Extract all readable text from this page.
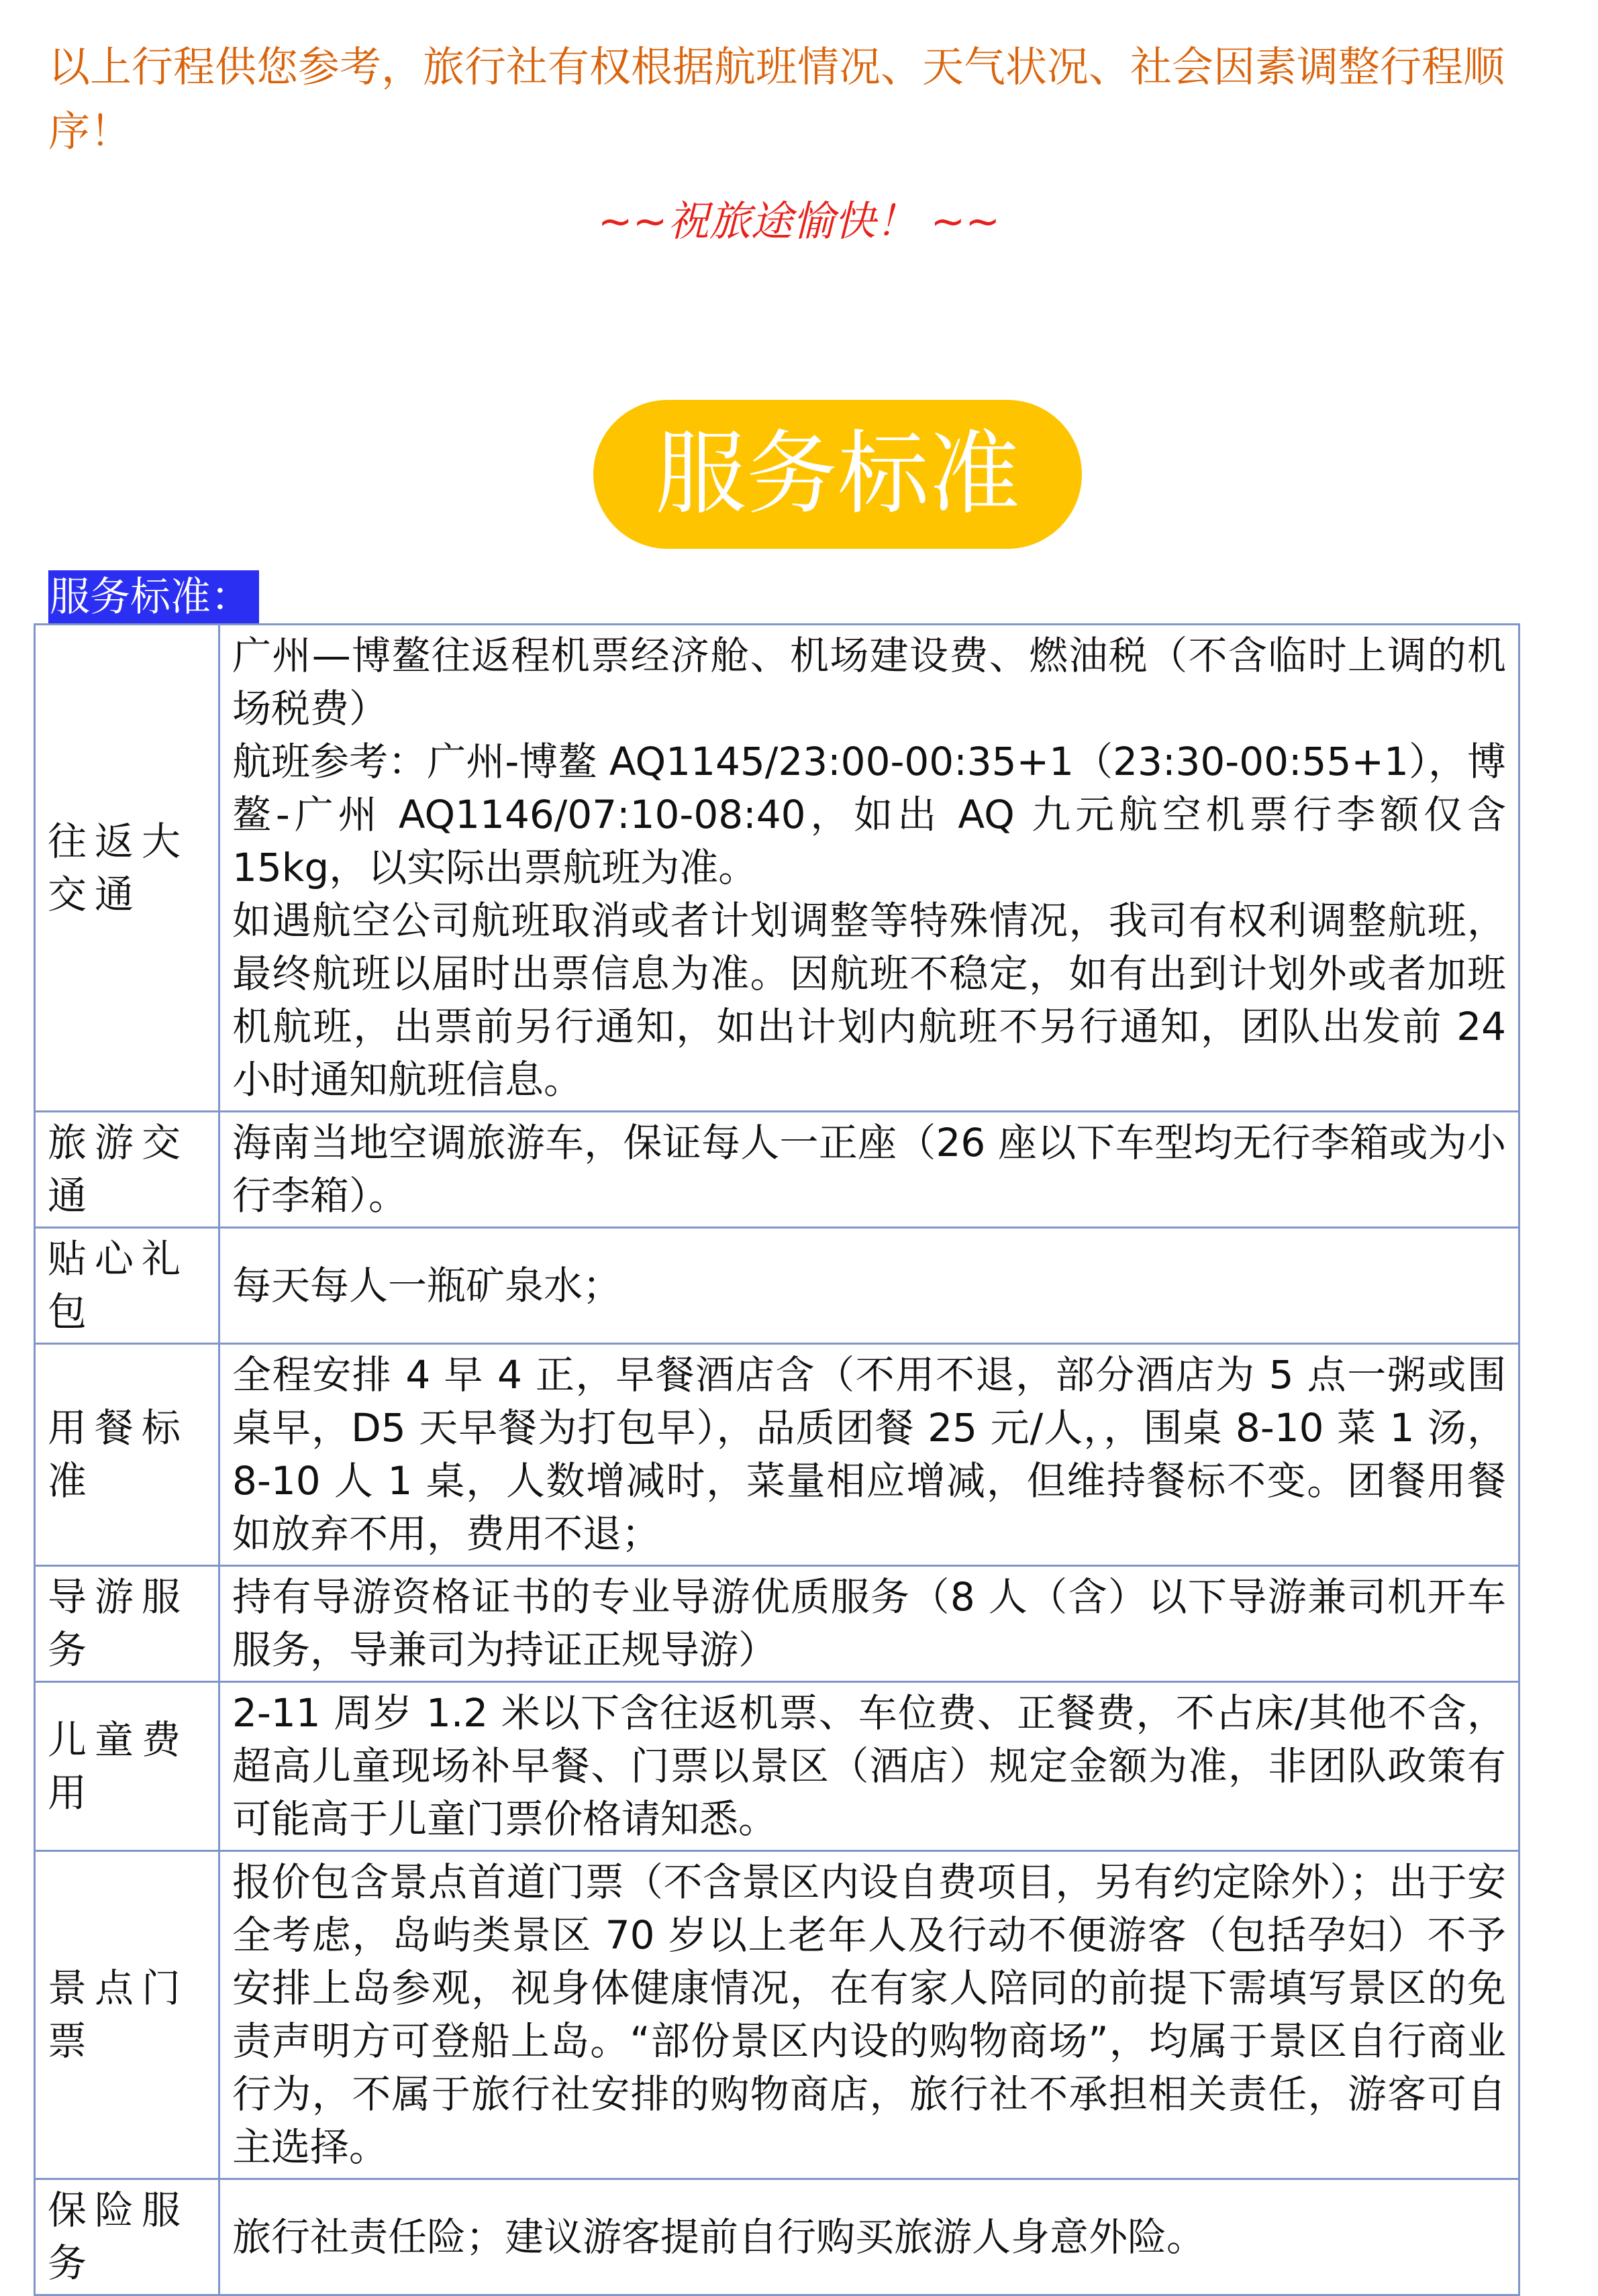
以上行程供您参考，旅行社有权根据航班情况、天气状况、社会因素调整行程顺序！
~~祝旅途愉快！ ~~
服务标准
服务标准：
往返大交通	广州—博鳌往返程机票经济舱、机场建设费、燃油税（不含临时上调的机场税费）
航班参考：广州-博鳌 AQ1145/23:00-00:35+1（23:30-00:55+1），博鳌-广州 AQ1146/07:10-08:40，如出 AQ 九元航空机票行李额仅含 15kg，以实际出票航班为准。
如遇航空公司航班取消或者计划调整等特殊情况，我司有权利调整航班，最终航班以届时出票信息为准。因航班不稳定，如有出到计划外或者加班机航班，出票前另行通知，如出计划内航班不另行通知，团队出发前 24 小时通知航班信息。

旅游交通	海南当地空调旅游车，保证每人一正座（26 座以下车型均无行李箱或为小行李箱）。
贴心礼包	每天每人一瓶矿泉水；
用餐标准	全程安排 4 早 4 正，早餐酒店含（不用不退，部分酒店为 5 点一粥或围桌早，D5 天早餐为打包早），品质团餐 25 元/人，，围桌 8-10 菜 1 汤，8-10 人 1 桌，人数增减时，菜量相应增减，但维持餐标不变。团餐用餐如放弃不用，费用不退；
导游服务	持有导游资格证书的专业导游优质服务（8 人（含）以下导游兼司机开车服务，导兼司为持证正规导游）
儿童费用	2-11 周岁 1.2 米以下含往返机票、车位费、正餐费，不占床/其他不含，超高儿童现场补早餐、门票以景区（酒店）规定金额为准，非团队政策有可能高于儿童门票价格请知悉。
景点门票	报价包含景点首道门票（不含景区内设自费项目，另有约定除外）；出于安全考虑，岛屿类景区 70 岁以上老年人及行动不便游客（包括孕妇）不予安排上岛参观，视身体健康情况，在有家人陪同的前提下需填写景区的免责声明方可登船上岛。“部份景区内设的购物商场”，均属于景区自行商业行为，不属于旅行社安排的购物商店，旅行社不承担相关责任，游客可自主选择。
保险服务	旅行社责任险；建议游客提前自行购买旅游人身意外险。
